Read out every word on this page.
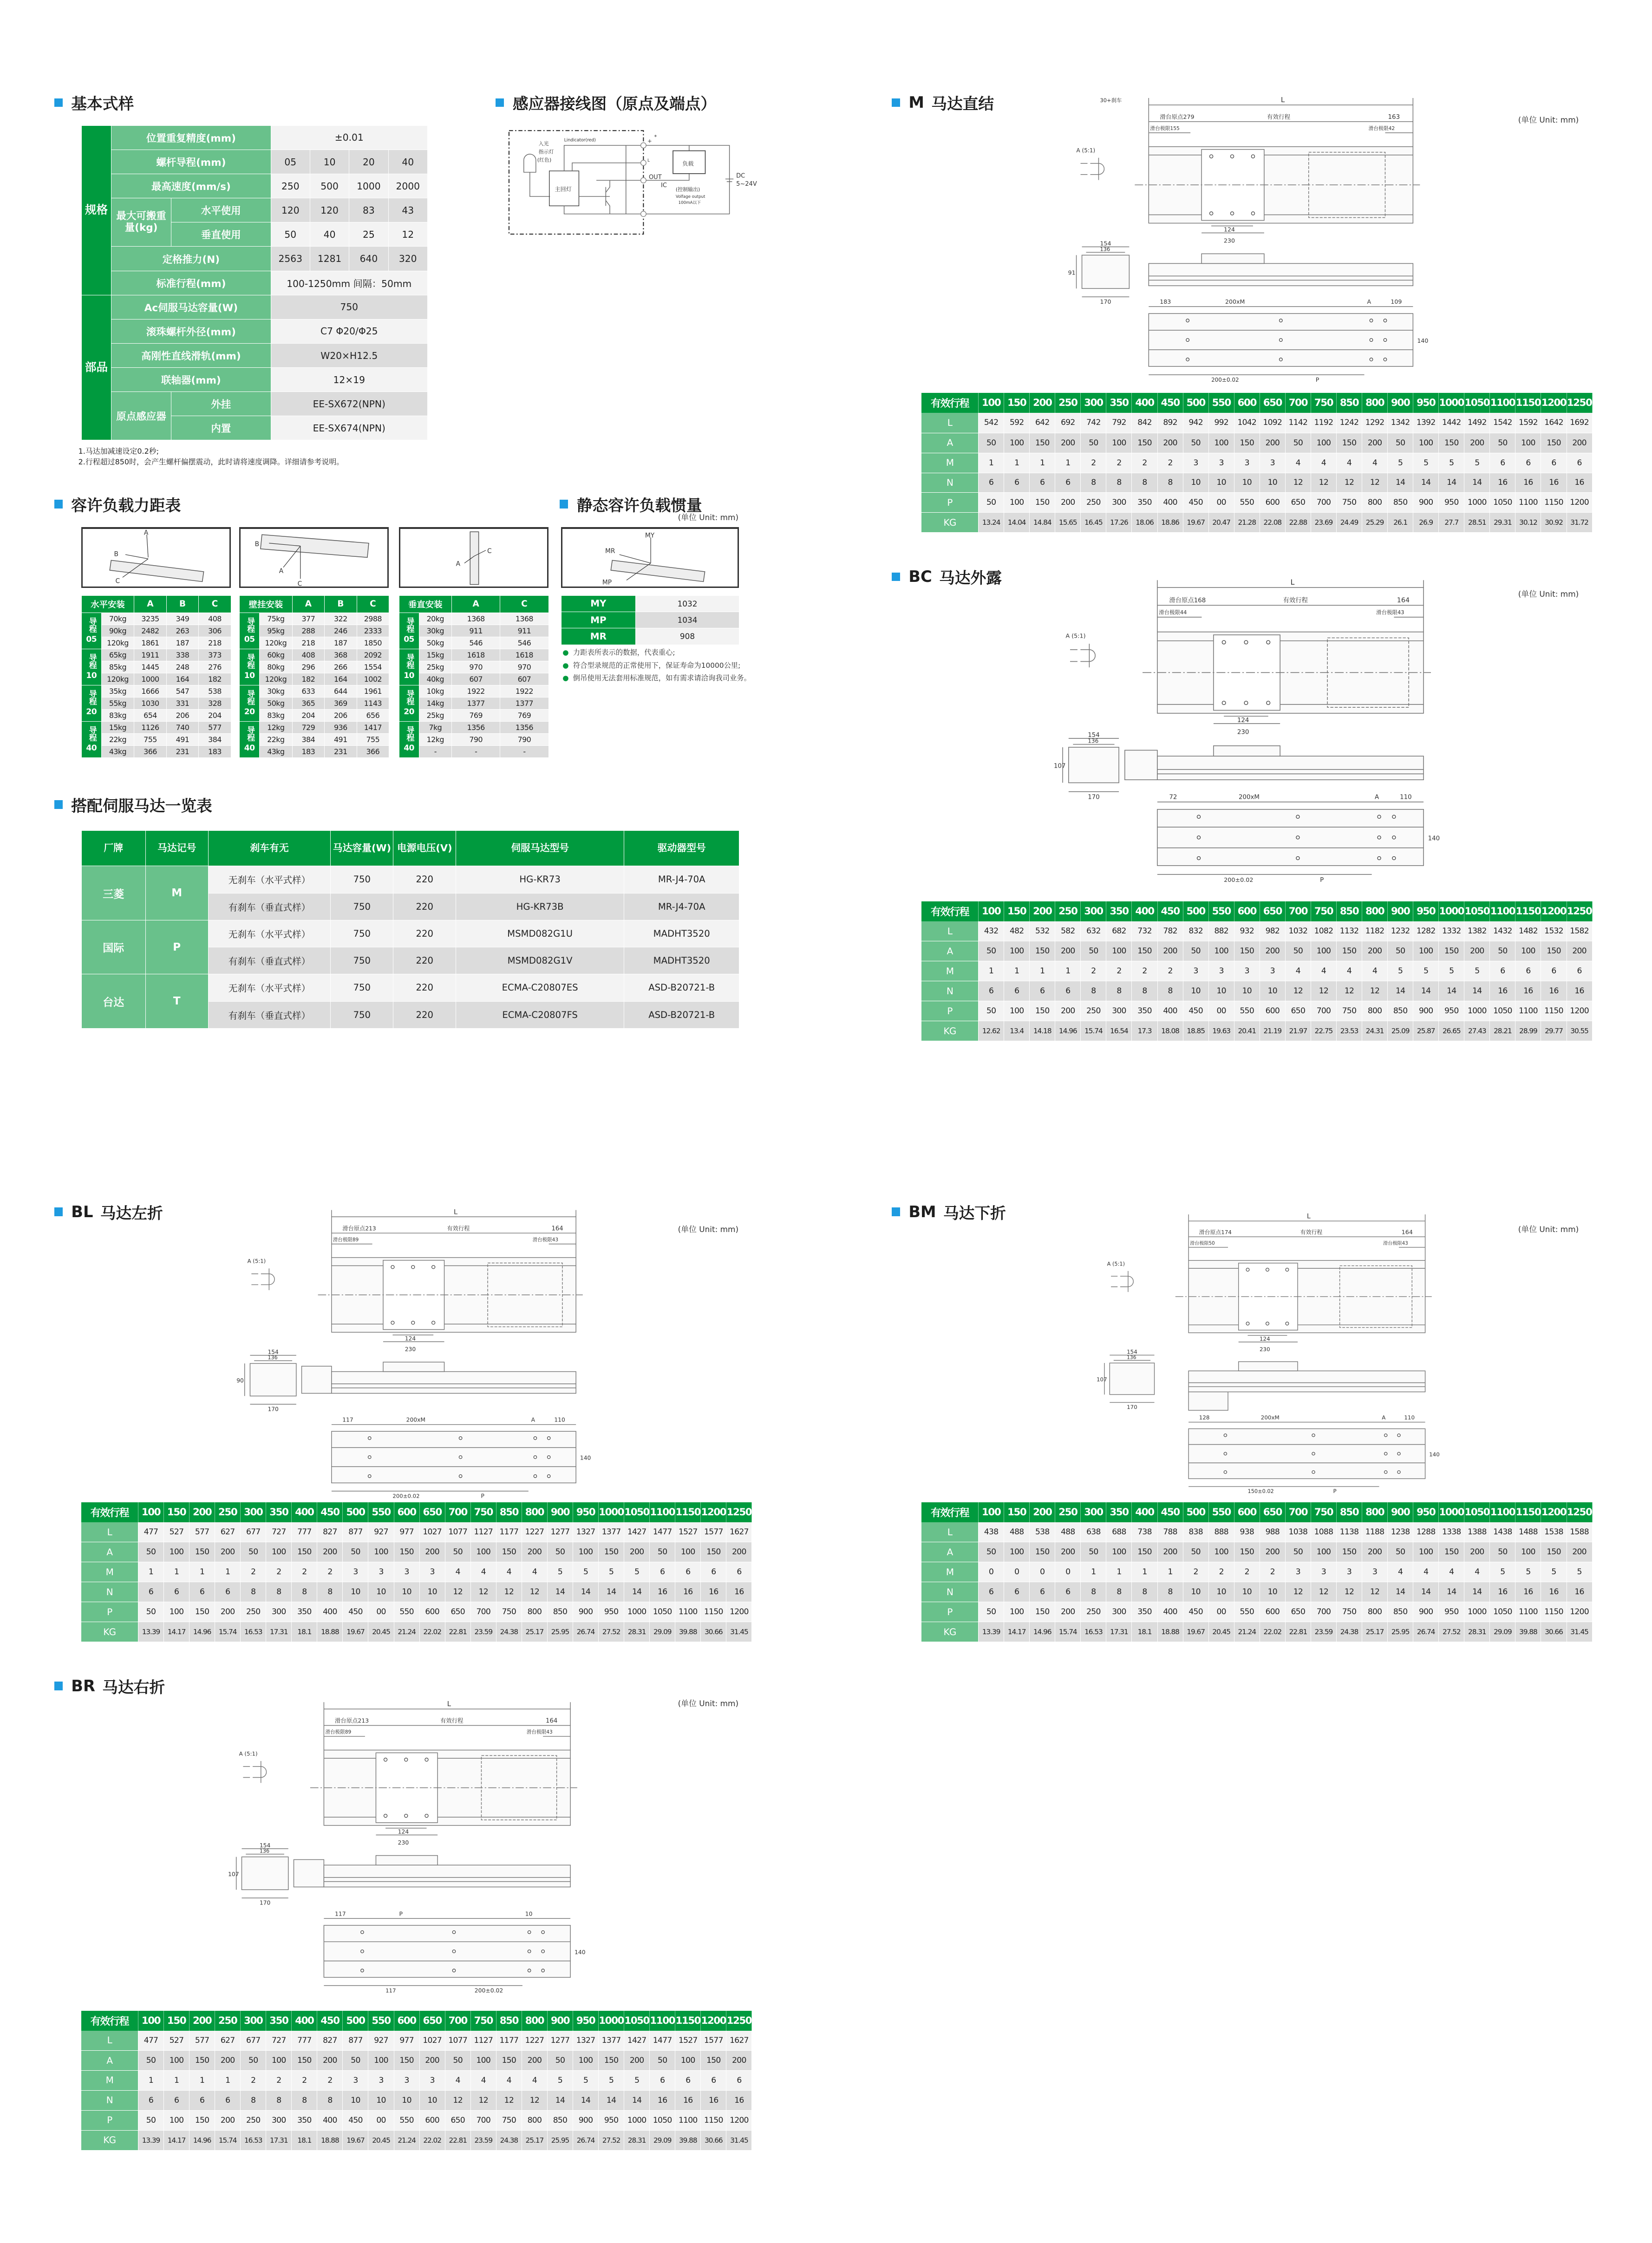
基本式样
规格	位置重复精度(mm)		±0.01			
	螺杆导程(mm)		05	10	20	40
	最高速度(mm/s)		250	500	1000	2000
	最大可搬重量(kg)	水平使用	120	120	83	43
		垂直使用	50	40	25	12
	定格推力(N)		2563	1281	640	320
	标准行程(mm)		100-1250mm 间隔：50mm			
部品	Ac伺服马达容量(W)		750			
	滚珠螺杆外径(mm)		C7 Φ20/Φ25			
	高刚性直线滑轨(mm)		W20×H12.5			
	联轴器(mm)		12×19			
	原点感应器	外挂	EE-SX672(NPN)			
		内置	EE-SX674(NPN)			
1.马达加减速设定0.2秒;
2.行程超过850时，会产生螺杆偏摆震动，此时请将速度调降。详细请参考说明。
感应器接线图（原点及端点）
Lindicator(red)
入光
指示灯
(红色)
主回灯
负载
OUT
IC
*
+
L
(控制输出)
Volfage output
100mA以下
DC
5~24V
容许负载力距表	静态容许负载惯量
(单位 Unit: mm)
MY	1032
MP	1034
MR	908
● 力距表所表示的数据，代表重心;
● 符合型录规范的正常使用下，保证寿命为10000公里;
● 倒吊使用无法套用标准规范，如有需求请洽询我司业务。
搭配伺服马达一览表
厂牌	马达记号	刹车有无	马达容量(W)	电源电压(V)	伺服马达型号	驱动器型号
三菱	M	无刹车（水平式样）	750	220	HG-KR73	MR-J4-70A
		有刹车（垂直式样）	750	220	HG-KR73B	MR-J4-70A
国际	P	无刹车（水平式样）	750	220	MSMD082G1U	MADHT3520
		有刹车（垂直式样）	750	220	MSMD082G1V	MADHT3520
台达	T	无刹车（水平式样）	750	220	ECMA-C20807ES	ASD-B20721-B
		有刹车（垂直式样）	750	220	ECMA-C20807FS	ASD-B20721-B
A
B
C
B
A
C
C
A
MY
MR
MP
水平安装		A	B	C
导程
05	70kg	3235	349	408
	90kg	2482	263	306
	120kg	1861	187	218
导程
10	65kg	1911	338	373
	85kg	1445	248	276
	120kg	1000	164	182
导程
20	35kg	1666	547	538
	55kg	1030	331	328
	83kg	654	206	204
导程
40	15kg	1126	740	577
	22kg	755	491	384
	43kg	366	231	183
壁挂安装		A	B	C
导程
05	75kg	377	322	2988
	95kg	288	246	2333
	120kg	218	187	1850
导程
10	60kg	408	368	2092
	80kg	296	266	1554
	120kg	182	164	1002
导程
20	30kg	633	644	1961
	50kg	365	369	1143
	83kg	204	206	656
导程
40	12kg	729	936	1417
	22kg	384	491	755
	43kg	183	231	366
垂直安装		A	C
导程
05	20kg	1368	1368
	30kg	911	911
	50kg	546	546
导程
10	15kg	1618	1618
	25kg	970	970
	40kg	607	607
导程
20	10kg	1922	1922
	14kg	1377	1377
	25kg	769	769
导程
40	7kg	1356	1356
	12kg	790	790
	-	-	-
M 马达直结
(单位 Unit: mm)
L
滑台原点279	有效行程	163
滑台极限155	滑台极限42
124
230
30+刹车
A (5:1)
154
136
170
91
183	200xM	A	109
200±0.02	P
140
有效行程	100	150	200	250	300	350	400	450	500	550	600	650	700	750	850	800	900	950	1000	1050	1100	1150	1200	1250
L	542	592	642	692	742	792	842	892	942	992	1042	1092	1142	1192	1242	1292	1342	1392	1442	1492	1542	1592	1642	1692
A	50	100	150	200	50	100	150	200	50	100	150	200	50	100	150	200	50	100	150	200	50	100	150	200
M	1	1	1	1	2	2	2	2	3	3	3	3	4	4	4	4	5	5	5	5	6	6	6	6
N	6	6	6	6	8	8	8	8	10	10	10	10	12	12	12	12	14	14	14	14	16	16	16	16
P	50	100	150	200	250	300	350	400	450	00	550	600	650	700	750	800	850	900	950	1000	1050	1100	1150	1200
KG	13.24	14.04	14.84	15.65	16.45	17.26	18.06	18.86	19.67	20.47	21.28	22.08	22.88	23.69	24.49	25.29	26.1	26.9	27.7	28.51	29.31	30.12	30.92	31.72
BC 马达外露
(单位 Unit: mm)
L
滑台原点168	有效行程	164
滑台极限44	滑台极限43
124
230
A (5:1)
154
136
170
107
72	200xM	A	110
200±0.02	P
140
有效行程	100	150	200	250	300	350	400	450	500	550	600	650	700	750	850	800	900	950	1000	1050	1100	1150	1200	1250
L	432	482	532	582	632	682	732	782	832	882	932	982	1032	1082	1132	1182	1232	1282	1332	1382	1432	1482	1532	1582
A	50	100	150	200	50	100	150	200	50	100	150	200	50	100	150	200	50	100	150	200	50	100	150	200
M	1	1	1	1	2	2	2	2	3	3	3	3	4	4	4	4	5	5	5	5	6	6	6	6
N	6	6	6	6	8	8	8	8	10	10	10	10	12	12	12	12	14	14	14	14	16	16	16	16
P	50	100	150	200	250	300	350	400	450	00	550	600	650	700	750	800	850	900	950	1000	1050	1100	1150	1200
KG	12.62	13.4	14.18	14.96	15.74	16.54	17.3	18.08	18.85	19.63	20.41	21.19	21.97	22.75	23.53	24.31	25.09	25.87	26.65	27.43	28.21	28.99	29.77	30.55
BL 马达左折
(单位 Unit: mm)
L
滑台原点213	有效行程	164
滑台极限89	滑台极限43
124
230
A (5:1)
154
136
170
90
117	200xM	A	110
200±0.02	P
140
有效行程	100	150	200	250	300	350	400	450	500	550	600	650	700	750	850	800	900	950	1000	1050	1100	1150	1200	1250
L	477	527	577	627	677	727	777	827	877	927	977	1027	1077	1127	1177	1227	1277	1327	1377	1427	1477	1527	1577	1627
A	50	100	150	200	50	100	150	200	50	100	150	200	50	100	150	200	50	100	150	200	50	100	150	200
M	1	1	1	1	2	2	2	2	3	3	3	3	4	4	4	4	5	5	5	5	6	6	6	6
N	6	6	6	6	8	8	8	8	10	10	10	10	12	12	12	12	14	14	14	14	16	16	16	16
P	50	100	150	200	250	300	350	400	450	00	550	600	650	700	750	800	850	900	950	1000	1050	1100	1150	1200
KG	13.39	14.17	14.96	15.74	16.53	17.31	18.1	18.88	19.67	20.45	21.24	22.02	22.81	23.59	24.38	25.17	25.95	26.74	27.52	28.31	29.09	39.88	30.66	31.45
BM 马达下折
(单位 Unit: mm)
L
滑台原点174	有效行程	164
滑台极限50	滑台极限43
124
230
A (5:1)
154
136
170
107
128	200xM	A	110
150±0.02	P
140
有效行程	100	150	200	250	300	350	400	450	500	550	600	650	700	750	850	800	900	950	1000	1050	1100	1150	1200	1250
L	438	488	538	488	638	688	738	788	838	888	938	988	1038	1088	1138	1188	1238	1288	1338	1388	1438	1488	1538	1588
A	50	100	150	200	50	100	150	200	50	100	150	200	50	100	150	200	50	100	150	200	50	100	150	200
M	0	0	0	0	1	1	1	1	2	2	2	2	3	3	3	3	4	4	4	4	5	5	5	5
N	6	6	6	6	8	8	8	8	10	10	10	10	12	12	12	12	14	14	14	14	16	16	16	16
P	50	100	150	200	250	300	350	400	450	00	550	600	650	700	750	800	850	900	950	1000	1050	1100	1150	1200
KG	13.39	14.17	14.96	15.74	16.53	17.31	18.1	18.88	19.67	20.45	21.24	22.02	22.81	23.59	24.38	25.17	25.95	26.74	27.52	28.31	29.09	39.88	30.66	31.45
BR 马达右折
(单位 Unit: mm)
L
滑台原点213	有效行程	164
滑台极限89	滑台极限43
124
230
A (5:1)
154
136
170
107
117	P	10
117	200±0.02
140
有效行程	100	150	200	250	300	350	400	450	500	550	600	650	700	750	850	800	900	950	1000	1050	1100	1150	1200	1250
L	477	527	577	627	677	727	777	827	877	927	977	1027	1077	1127	1177	1227	1277	1327	1377	1427	1477	1527	1577	1627
A	50	100	150	200	50	100	150	200	50	100	150	200	50	100	150	200	50	100	150	200	50	100	150	200
M	1	1	1	1	2	2	2	2	3	3	3	3	4	4	4	4	5	5	5	5	6	6	6	6
N	6	6	6	6	8	8	8	8	10	10	10	10	12	12	12	12	14	14	14	14	16	16	16	16
P	50	100	150	200	250	300	350	400	450	00	550	600	650	700	750	800	850	900	950	1000	1050	1100	1150	1200
KG	13.39	14.17	14.96	15.74	16.53	17.31	18.1	18.88	19.67	20.45	21.24	22.02	22.81	23.59	24.38	25.17	25.95	26.74	27.52	28.31	29.09	39.88	30.66	31.45
